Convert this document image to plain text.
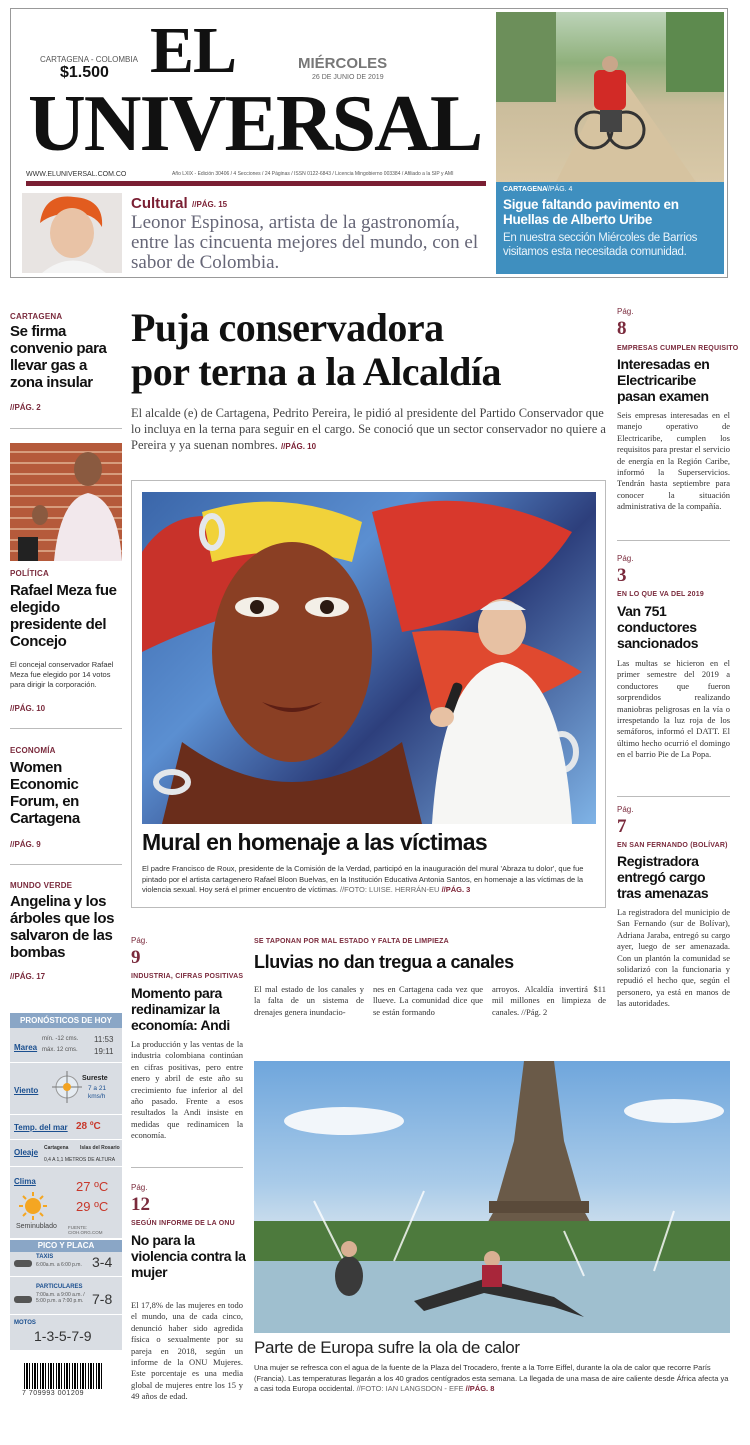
CARTAGENA - COLOMBIA
$1.500 EL
UNIVERSAL
MIÉRCOLES
26 DE JUNIO DE 2019
WWW.ELUNIVERSAL.COM.CO	Año LXIX - Edición 30406 / 4 Secciones / 24 Páginas / ISSN 0122-6843 / Licencia Mingobierno 003384 / Afiliado a la SIP y AMI
Cultural //PÁG. 15
Leonor Espinosa, artista de la gastronomía, entre las cincuenta mejores del mundo, con el sabor de Colombia.
CARTAGENA
//PÁG. 4
Sigue faltando pavimento en Huellas de Alberto Uribe
En nuestra sección Miércoles de Barrios visitamos esta necesitada comunidad.
CARTAGENA
Se firma convenio para llevar gas a zona insular
//PÁG. 2
POLÍTICA
Rafael Meza fue elegido presidente del Concejo
El concejal conservador Rafael Meza fue elegido por 14 votos para dirigir la corporación.
//PÁG. 10
ECONOMÍA
Women Economic Forum, en Cartagena
//PÁG. 9
MUNDO VERDE
Angelina y los árboles que los salvaron de las bombas
//PÁG. 17
PRONÓSTICOS DE HOY
Marea
mín. -12 cms.
máx. 12 cms.
11:53
19:11
Viento
Sureste
7 a 21 kms/h
Temp. del mar 28 ºC
Oleaje Cartagena Islas del Rosario
0,4 A 1,1 METROS DE ALTURA
Clima	27 ºC
29 ºC
Seminublado FUENTE: CIOH.ORG.COM
PICO Y PLACA
TAXIS
6:00a.m. a 6:00 p.m. 3-4
PARTICULARES
7:00a.m. a 9:00 a.m. / 5:00 p.m. a 7:00 p.m. 7-8
MOTOS
1-3-5-7-9
7 709993 001209
Puja conservadora
por terna a la Alcaldía
El alcalde (e) de Cartagena, Pedrito Pereira, le pidió al presidente del Partido Conservador que lo incluya en la terna para seguir en el cargo. Se conoció que un sector conservador no quiere a Pereira y ya suenan nombres. //PÁG. 10
Mural en homenaje a las víctimas
El padre Francisco de Roux, presidente de la Comisión de la Verdad, participó en la inauguración del mural 'Abraza tu dolor', que fue pintado por el artista cartagenero Rafael Bloon Buelvas, en la Institución Educativa Antonia Santos, en homenaje a las víctimas de la violencia sexual. Hoy será el primer encuentro de víctimas. //FOTO: LUISE. HERRÁN-EU //PÁG. 3
Pág.
8
EMPRESAS CUMPLEN REQUISITO
Interesadas en Electricaribe pasan examen
Seis empresas interesadas en el manejo operativo de Electricaribe, cumplen los requisitos para prestar el servicio de energía en la Región Caribe, informó la Superservicios. Tendrán hasta septiembre para conocer la situación administrativa de la compañía.
Pág.
3
EN LO QUE VA DEL 2019
Van 751 conductores sancionados
Las multas se hicieron en el primer semestre del 2019 a conductores que fueron sorprendidos realizando maniobras peligrosas en la vía o irrespetando la luz roja de los semáforos, informó el DATT. El último hecho ocurrió el domingo en el barrio Pie de La Popa.
Pág.
7
EN SAN FERNANDO (BOLÍVAR)
Registradora entregó cargo tras amenazas
La registradora del municipio de San Fernando (sur de Bolívar), Adriana Jaraba, entregó su cargo ayer, luego de ser amenazada. Con un plantón la comunidad se solidarizó con la funcionaria y repudió el hecho que, según el personero, ya está en manos de las autoridades.
Pág.
9
INDUSTRIA, CIFRAS POSITIVAS
Momento para redinamizar la economía: Andi
La producción y las ventas de la industria colombiana continúan en cifras positivas, pero entre enero y abril de este año su crecimiento fue inferior al del año pasado. Frente a esos resultados la Andi insiste en medidas que redinamicen la economía.
Pág.
12
SEGÚN INFORME DE LA ONU
No para la violencia contra la mujer
El 17,8% de las mujeres en todo el mundo, una de cada cinco, denunció haber sido agredida física o sexualmente por su pareja en 2018, según un informe de la ONU Mujeres. Este porcentaje es una media global de mujeres entre los 15 y 49 años de edad.
SE TAPONAN POR MAL ESTADO Y FALTA DE LIMPIEZA
Lluvias no dan tregua a canales
El mal estado de los canales y la falta de un sistema de drenajes genera inundacio-
nes en Cartagena cada vez que llueve. La comunidad dice que se están formando
arroyos. Alcaldía invertirá $11 mil millones en limpieza de canales. //Pág. 2
Parte de Europa sufre la ola de calor
Una mujer se refresca con el agua de la fuente de la Plaza del Trocadero, frente a la Torre Eiffel, durante la ola de calor que recorre París (Francia). Las temperaturas llegarán a los 40 grados centígrados esta semana. La llegada de una masa de aire caliente desde África afecta ya a casi toda Europa occidental. //FOTO: IAN LANGSDON - EFE //PÁG. 8
